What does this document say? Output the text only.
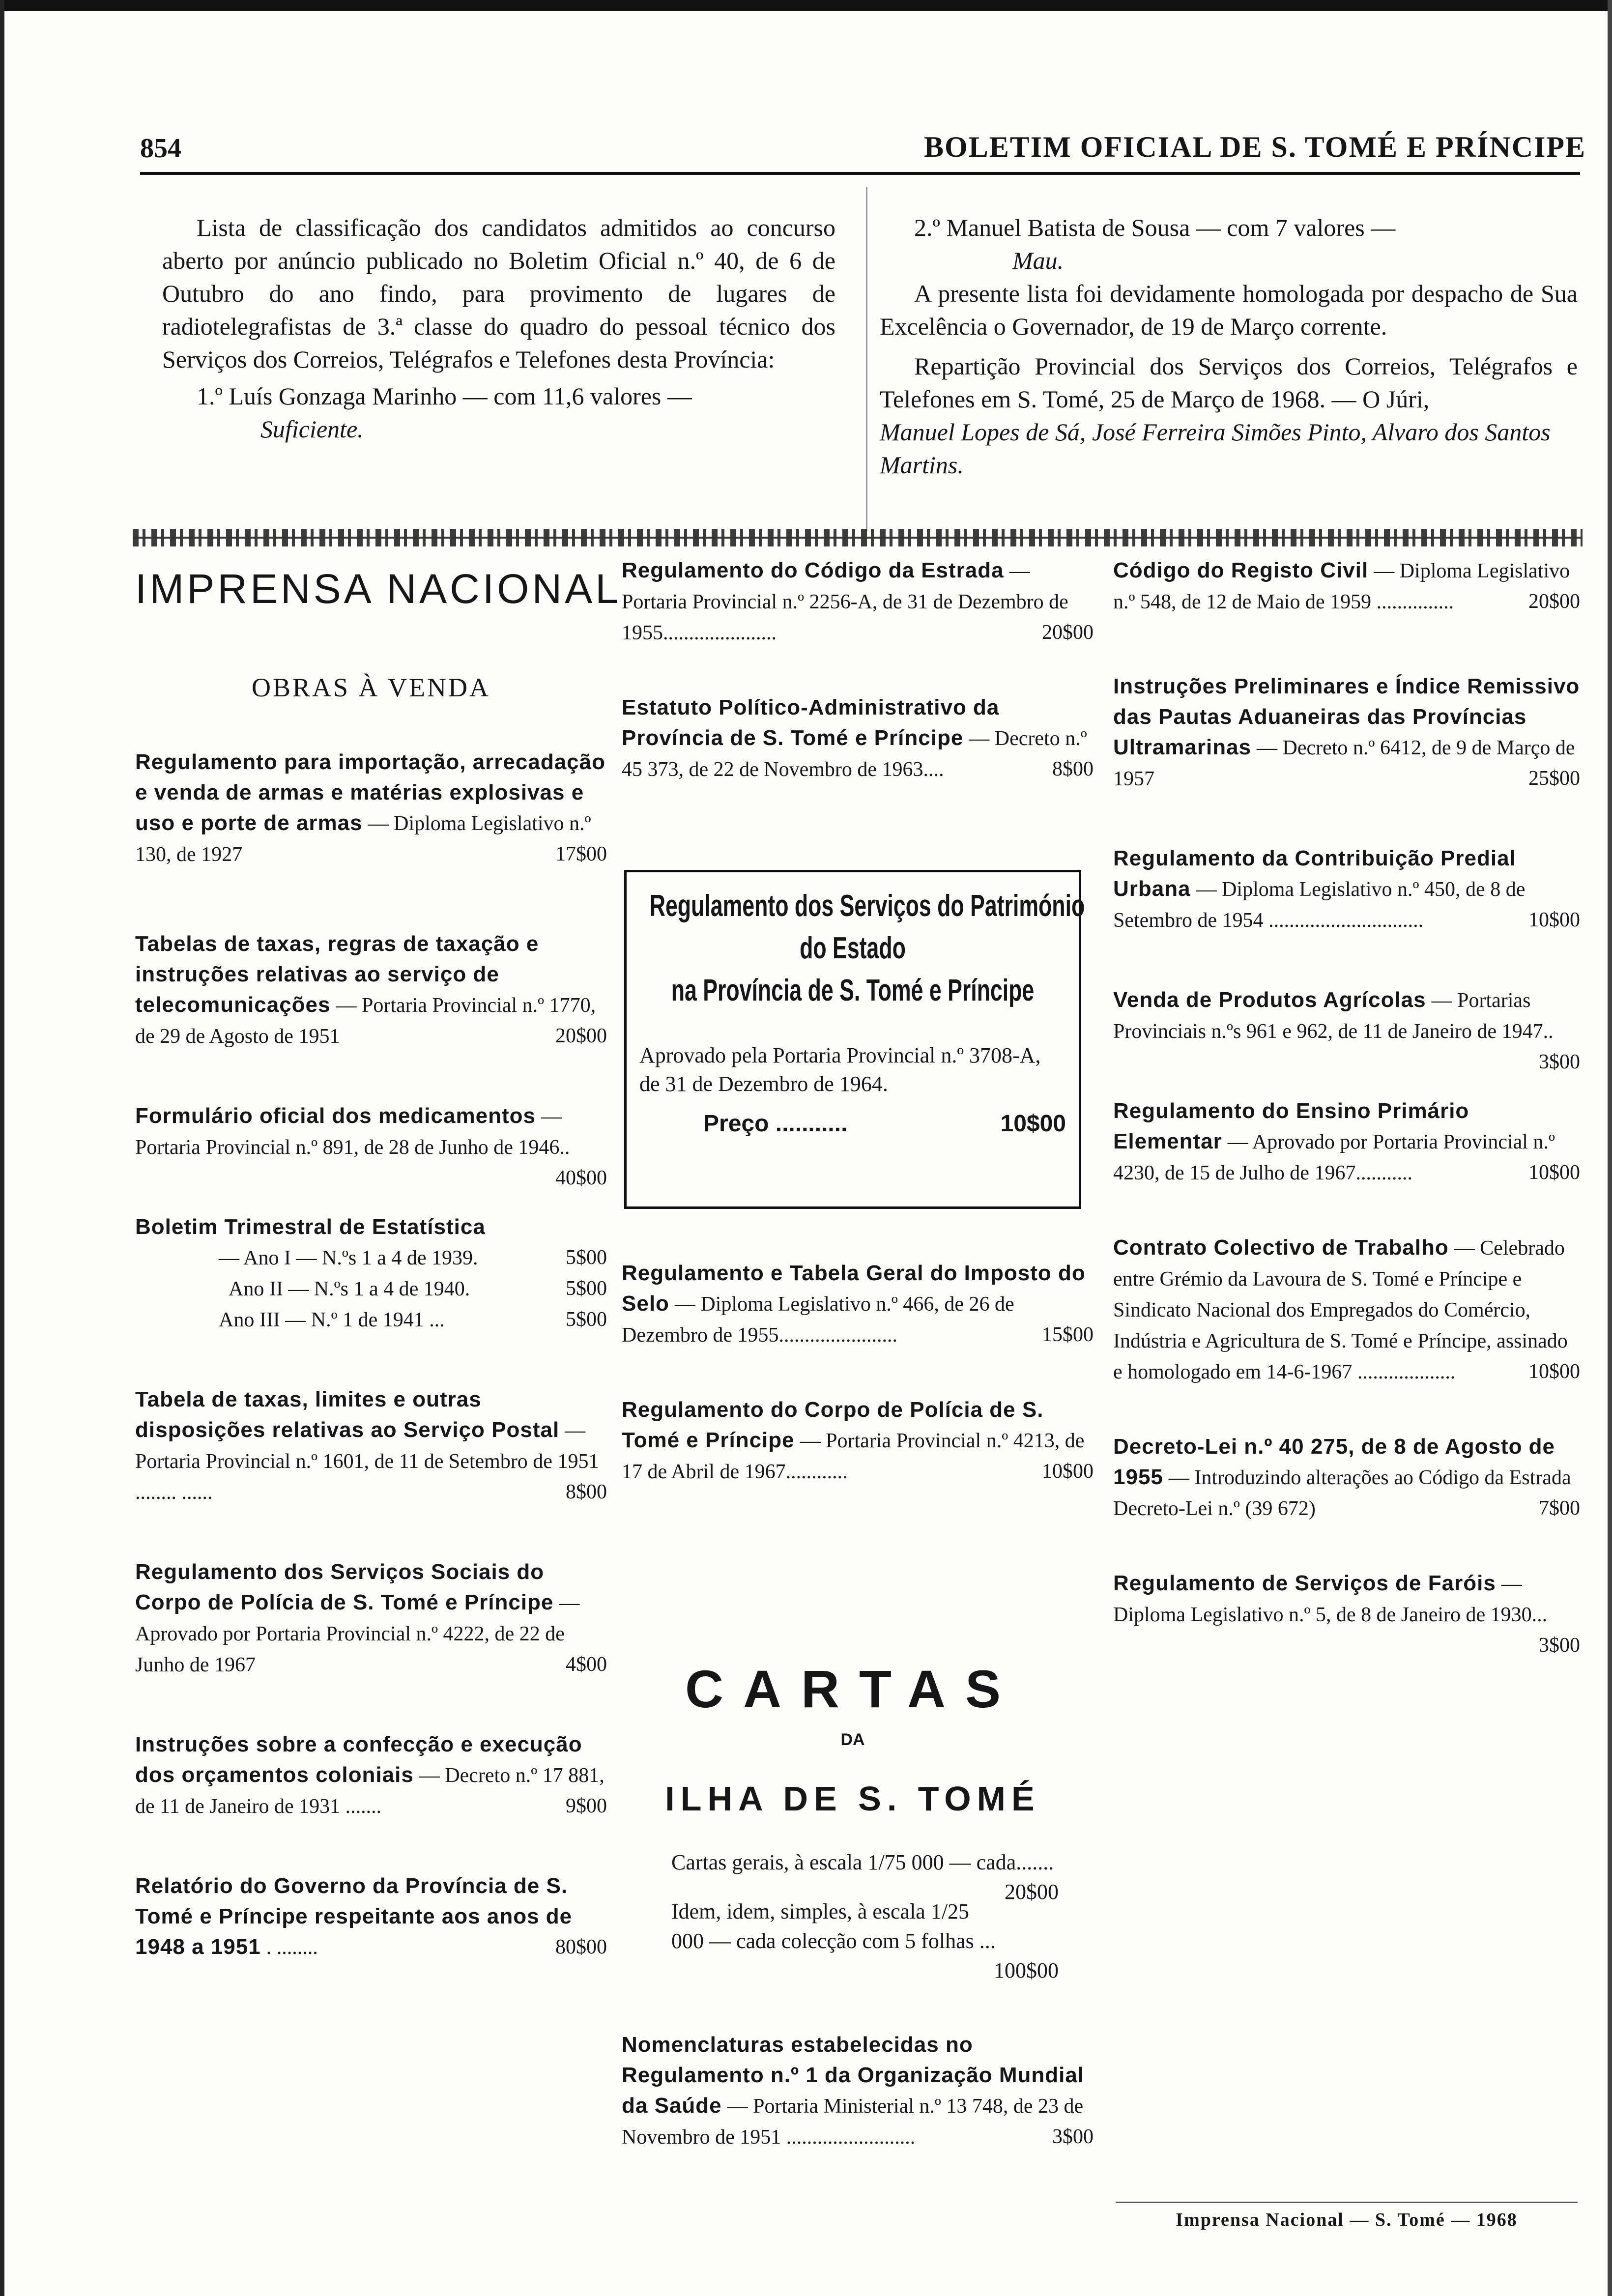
854	BOLETIM OFICIAL DE S. TOMÉ E PRÍNCIPE

Lista de classificação dos candidatos admitidos ao concurso aberto por anúncio publicado no Boletim Oficial n.º 40, de 6 de Outubro do ano findo, para provimento de lugares de radiotelegrafistas de 3.ª classe do quadro do pessoal técnico dos Serviços dos Correios, Telégrafos e Telefones desta Província:

1.º Luís Gonzaga Marinho — com 11,6 valores —

Suficiente.

2.º Manuel Batista de Sousa — com 7 valores —

Mau.

A presente lista foi devidamente homologada por despacho de Sua Excelência o Governador, de 19 de Março corrente.

Repartição Provincial dos Serviços dos Correios, Telégrafos e Telefones em S. Tomé, 25 de Março de 1968. — O Júri,

Manuel Lopes de Sá, José Ferreira Simões Pinto, Alvaro dos Santos Martins.

IMPRENSA NACIONAL
OBRAS À VENDA
Regulamento para importação, arrecadação e venda de armas e matérias explosivas e uso e porte de armas — Diploma Legislativo n.º 130, de 1927	17$00
Tabelas de taxas, regras de taxação e instruções relativas ao serviço de telecomunicações — Portaria Provincial n.º 1770, de 29 de Agosto de 1951	20$00
Formulário oficial dos medicamentos — Portaria Provincial n.º 891, de 28 de Junho de 1946..
40$00
Boletim Trimestral de Estatística
— Ano I — N.ºs 1 a 4 de 1939.	5$00
Ano II — N.ºs 1 a 4 de 1940.	5$00
Ano III — N.º 1 de 1941 ...	5$00
Tabela de taxas, limites e outras disposições relativas ao Serviço Postal — Portaria Provincial n.º 1601, de 11 de Setembro de 1951 ........ ......	8$00
Regulamento dos Serviços Sociais do Corpo de Polícia de S. Tomé e Príncipe — Aprovado por Portaria Provincial n.º 4222, de 22 de Junho de 1967	4$00
Instruções sobre a confecção e execução dos orçamentos coloniais — Decreto n.º 17 881, de 11 de Janeiro de 1931 .......	9$00
Relatório do Governo da Província de S. Tomé e Príncipe respeitante aos anos de 1948 a 1951 . ........	80$00
Regulamento do Código da Estrada — Portaria Provincial n.º 2256-A, de 31 de Dezembro de 1955......................	20$00
Estatuto Político-Administrativo da Província de S. Tomé e Príncipe — Decreto n.º 45 373, de 22 de Novembro de 1963....	8$00
Regulamento dos Serviços do Património
do Estado
na Província de S. Tomé e Príncipe
Aprovado pela Portaria Provincial n.º 3708-A, de 31 de Dezembro de 1964.
Preço ...........	10$00
Regulamento e Tabela Geral do Imposto do Selo — Diploma Legislativo n.º 466, de 26 de Dezembro de 1955.......................	15$00
Regulamento do Corpo de Polícia de S. Tomé e Príncipe — Portaria Provincial n.º 4213, de 17 de Abril de 1967............	10$00
CARTAS
DA
ILHA DE S. TOMÉ
Cartas gerais, à escala 1/75 000 — cada.......
20$00
Idem, idem, simples, à escala 1/25 000 — cada colecção com 5 folhas ...
100$00
Nomenclaturas estabelecidas no Regulamento n.º 1 da Organização Mundial da Saúde — Portaria Ministerial n.º 13 748, de 23 de Novembro de 1951 .........................	3$00
Código do Registo Civil — Diploma Legislativo n.º 548, de 12 de Maio de 1959 ...............	20$00
Instruções Preliminares e Índice Remissivo das Pautas Aduaneiras das Províncias Ultramarinas — Decreto n.º 6412, de 9 de Março de 1957	25$00
Regulamento da Contribuição Predial Urbana — Diploma Legislativo n.º 450, de 8 de Setembro de 1954 ..............................	10$00
Venda de Produtos Agrícolas — Portarias Provinciais n.ºs 961 e 962, de 11 de Janeiro de 1947..
3$00
Regulamento do Ensino Primário Elementar — Aprovado por Portaria Provincial n.º 4230, de 15 de Julho de 1967...........	10$00
Contrato Colectivo de Trabalho — Celebrado entre Grémio da Lavoura de S. Tomé e Príncipe e Sindicato Nacional dos Empregados do Comércio, Indústria e Agricultura de S. Tomé e Príncipe, assinado e homologado em 14-6-1967 ...................	10$00
Decreto-Lei n.º 40 275, de 8 de Agosto de 1955 — Introduzindo alterações ao Código da Estrada Decreto-Lei n.º (39 672)	7$00
Regulamento de Serviços de Faróis — Diploma Legislativo n.º 5, de 8 de Janeiro de 1930...
3$00
Imprensa Nacional — S. Tomé — 1968
